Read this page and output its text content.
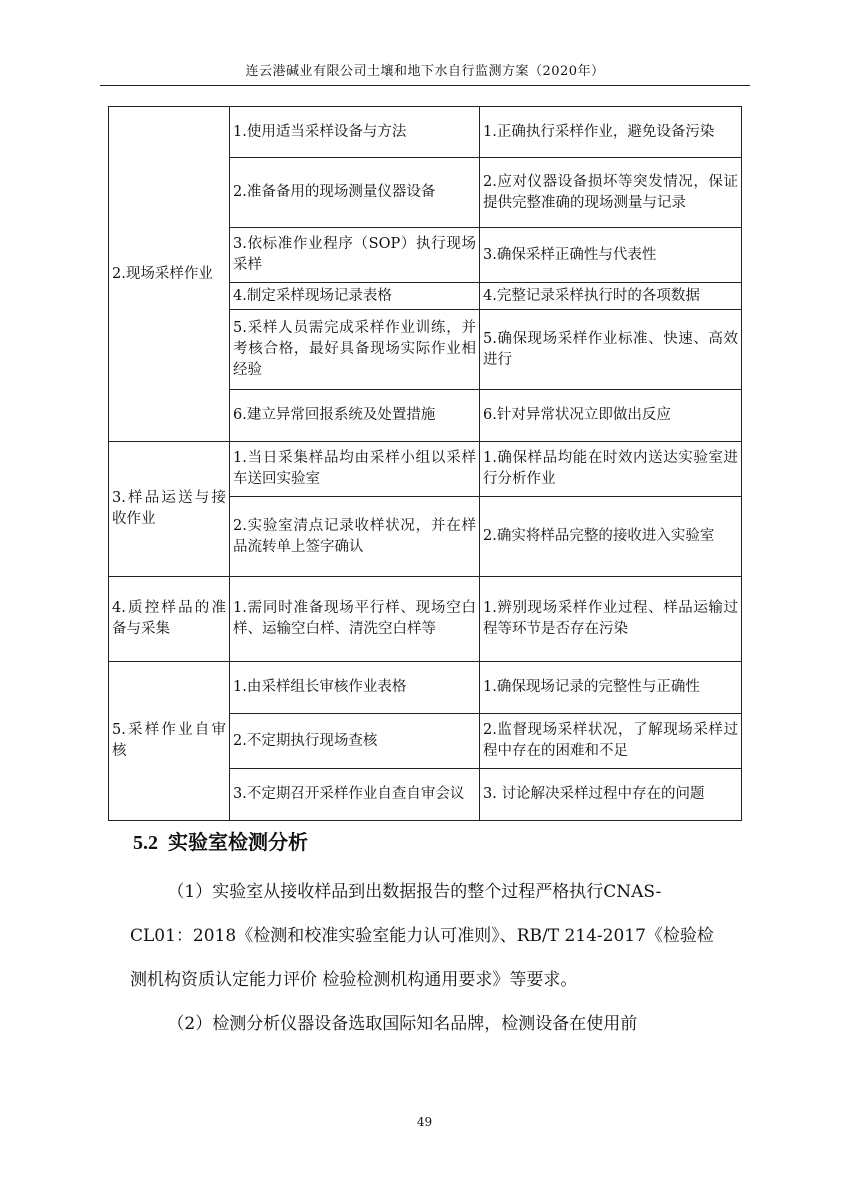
连云港碱业有限公司土壤和地下水自行监测方案（2020年）
2.现场采样作业	1.使用适当采样设备与方法	1.正确执行采样作业，避免设备污染
	2.准备备用的现场测量仪器设备	2.应对仪器设备损坏等突发情况，保证提供完整准确的现场测量与记录
	3.依标准作业程序（SOP）执行现场采样	3.确保采样正确性与代表性
	4.制定采样现场记录表格	4.完整记录采样执行时的各项数据
	5.采样人员需完成采样作业训练，并考核合格，最好具备现场实际作业相经验	5.确保现场采样作业标准、快速、高效进行
	6.建立异常回报系统及处置措施	6.针对异常状况立即做出反应
3.样品运送与接收作业	1.当日采集样品均由采样小组以采样车送回实验室	1.确保样品均能在时效内送达实验室进行分析作业
	2.实验室清点记录收样状况，并在样品流转单上签字确认	2.确实将样品完整的接收进入实验室
4.质控样品的准备与采集	1.需同时准备现场平行样、现场空白样、运输空白样、清洗空白样等	1.辨别现场采样作业过程、样品运输过程等环节是否存在污染
5.采样作业自审核	1.由采样组长审核作业表格	1.确保现场记录的完整性与正确性
	2.不定期执行现场查核	2.监督现场采样状况，了解现场采样过程中存在的困难和不足
	3.不定期召开采样作业自查自审会议	3. 讨论解决采样过程中存在的问题
5.2 实验室检测分析
（1）实验室从接收样品到出数据报告的整个过程严格执行CNAS-CL01：2018《检测和校准实验室能力认可准则》、RB/T 214-2017《检验检测机构资质认定能力评价 检验检测机构通用要求》等要求。
（2）检测分析仪器设备选取国际知名品牌，检测设备在使用前
49
